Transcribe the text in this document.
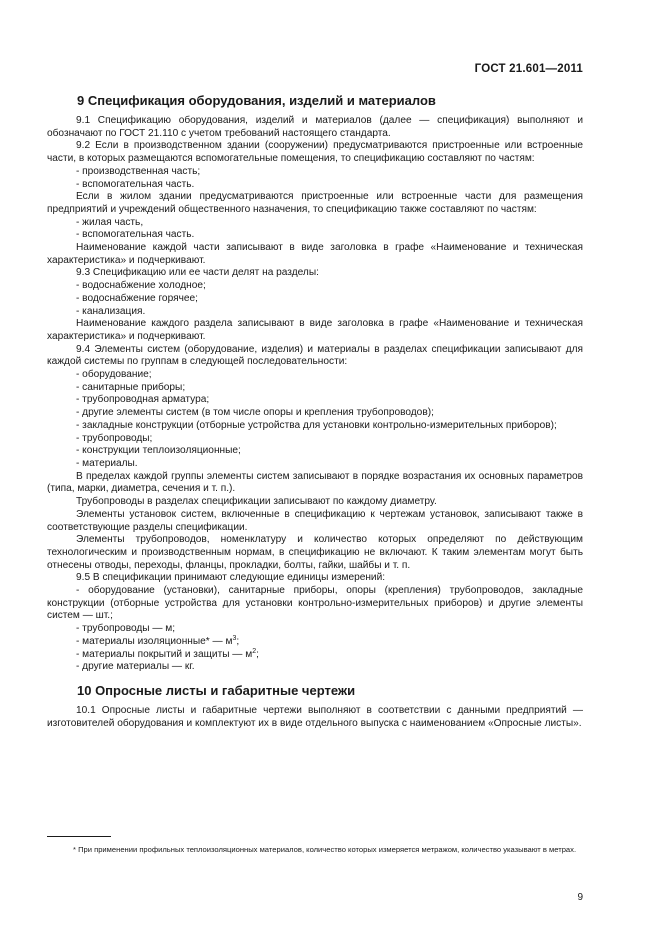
ГОСТ 21.601—2011
9 Спецификация оборудования, изделий и материалов

9.1 Спецификацию оборудования, изделий и материалов (далее — спецификация) выполняют и обозначают по ГОСТ 21.110 с учетом требований настоящего стандарта.

9.2 Если в производственном здании (сооружении) предусматриваются пристроенные или встроенные части, в которых размещаются вспомогательные помещения, то спецификацию составляют по частям:

- производственная часть;

- вспомогательная часть.

Если в жилом здании предусматриваются пристроенные или встроенные части для размещения предприятий и учреждений общественного назначения, то спецификацию также составляют по частям:

- жилая часть,

- вспомогательная часть.

Наименование каждой части записывают в виде заголовка в графе «Наименование и техническая характеристика» и подчеркивают.

9.3 Спецификацию или ее части делят на разделы:

- водоснабжение холодное;

- водоснабжение горячее;

- канализация.

Наименование каждого раздела записывают в виде заголовка в графе «Наименование и техническая характеристика» и подчеркивают.

9.4 Элементы систем (оборудование, изделия) и материалы в разделах спецификации записывают для каждой системы по группам в следующей последовательности:

- оборудование;

- санитарные приборы;

- трубопроводная арматура;

- другие элементы систем (в том числе опоры и крепления трубопроводов);

- закладные конструкции (отборные устройства для установки контрольно-измерительных приборов);

- трубопроводы;

- конструкции теплоизоляционные;

- материалы.

В пределах каждой группы элементы систем записывают в порядке возрастания их основных параметров (типа, марки, диаметра, сечения и т. п.).

Трубопроводы в разделах спецификации записывают по каждому диаметру.

Элементы установок систем, включенные в спецификацию к чертежам установок, записывают также в соответствующие разделы спецификации.

Элементы трубопроводов, номенклатуру и количество которых определяют по действующим технологическим и производственным нормам, в спецификацию не включают. К таким элементам могут быть отнесены отводы, переходы, фланцы, прокладки, болты, гайки, шайбы и т. п.

9.5 В спецификации принимают следующие единицы измерений:

- оборудование (установки), санитарные приборы, опоры (крепления) трубопроводов, закладные конструкции (отборные устройства для установки контрольно-измерительных приборов) и другие элементы систем — шт.;

- трубопроводы — м;

- материалы изоляционные* — $м^3$;

- материалы покрытий и защиты — $м^2$;

- другие материалы — кг.

10 Опросные листы и габаритные чертежи

10.1 Опросные листы и габаритные чертежи выполняют в соответствии с данными предприятий — изготовителей оборудования и комплектуют их в виде отдельного выпуска с наименованием «Опросные листы».

* При применении профильных теплоизоляционных материалов, количество которых измеряется метражом, количество указывают в метрах.
9
